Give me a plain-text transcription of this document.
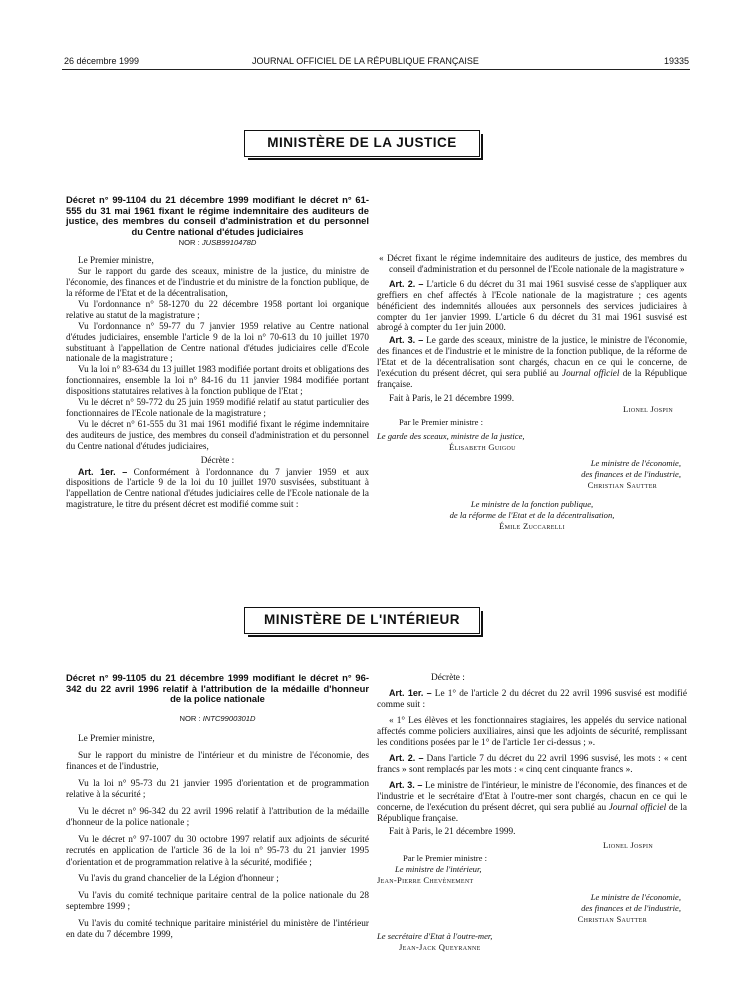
26 décembre 1999	JOURNAL OFFICIEL DE LA RÉPUBLIQUE FRANÇAISE	19335
MINISTÈRE DE LA JUSTICE
Décret n° 99-1104 du 21 décembre 1999 modifiant le décret n° 61-555 du 31 mai 1961 fixant le régime indemnitaire des auditeurs de justice, des membres du conseil d'administration et du personnel du Centre national d'études judiciaires
NOR : JUSB9910478D

Le Premier ministre,

Sur le rapport du garde des sceaux, ministre de la justice, du ministre de l'économie, des finances et de l'industrie et du ministre de la fonction publique, de la réforme de l'Etat et de la décentralisation,

Vu l'ordonnance n° 58-1270 du 22 décembre 1958 portant loi organique relative au statut de la magistrature ;

Vu l'ordonnance n° 59-77 du 7 janvier 1959 relative au Centre national d'études judiciaires, ensemble l'article 9 de la loi n° 70-613 du 10 juillet 1970 substituant à l'appellation de Centre national d'études judiciaires celle d'Ecole nationale de la magistrature ;

Vu la loi n° 83-634 du 13 juillet 1983 modifiée portant droits et obligations des fonctionnaires, ensemble la loi n° 84-16 du 11 janvier 1984 modifiée portant dispositions statutaires relatives à la fonction publique de l'Etat ;

Vu le décret n° 59-772 du 25 juin 1959 modifié relatif au statut particulier des fonctionnaires de l'Ecole nationale de la magistrature ;

Vu le décret n° 61-555 du 31 mai 1961 modifié fixant le régime indemnitaire des auditeurs de justice, des membres du conseil d'administration et du personnel du Centre national d'études judiciaires,

Décrète :

Art. 1er. – Conformément à l'ordonnance du 7 janvier 1959 et aux dispositions de l'article 9 de la loi du 10 juillet 1970 susvisées, substituant à l'appellation de Centre national d'études judiciaires celle de l'Ecole nationale de la magistrature, le titre du présent décret est modifié comme suit :

« Décret fixant le régime indemnitaire des auditeurs de justice, des membres du conseil d'administration et du personnel de l'Ecole nationale de la magistrature »

Art. 2. – L'article 6 du décret du 31 mai 1961 susvisé cesse de s'appliquer aux greffiers en chef affectés à l'Ecole nationale de la magistrature ; ces agents bénéficient des indemnités allouées aux personnels des services judiciaires à compter du 1er janvier 1999. L'article 6 du décret du 31 mai 1961 susvisé est abrogé à compter du 1er juin 2000.

Art. 3. – Le garde des sceaux, ministre de la justice, le ministre de l'économie, des finances et de l'industrie et le ministre de la fonction publique, de la réforme de l'Etat et de la décentralisation sont chargés, chacun en ce qui le concerne, de l'exécution du présent décret, qui sera publié au Journal officiel de la République française.

Fait à Paris, le 21 décembre 1999.

Lionel Jospin

Par le Premier ministre :

Le garde des sceaux, ministre de la justice,

Élisabeth Guigou

Le ministre de l'économie,

des finances et de l'industrie,

Christian Sautter

Le ministre de la fonction publique,

de la réforme de l'Etat et de la décentralisation,

Émile Zuccarelli

MINISTÈRE DE L'INTÉRIEUR
Décret n° 99-1105 du 21 décembre 1999 modifiant le décret n° 96-342 du 22 avril 1996 relatif à l'attribution de la médaille d'honneur de la police nationale
NOR : INTC9900301D

Le Premier ministre,

Sur le rapport du ministre de l'intérieur et du ministre de l'économie, des finances et de l'industrie,

Vu la loi n° 95-73 du 21 janvier 1995 d'orientation et de programmation relative à la sécurité ;

Vu le décret n° 96-342 du 22 avril 1996 relatif à l'attribution de la médaille d'honneur de la police nationale ;

Vu le décret n° 97-1007 du 30 octobre 1997 relatif aux adjoints de sécurité recrutés en application de l'article 36 de la loi n° 95-73 du 21 janvier 1995 d'orientation et de programmation relative à la sécurité, modifiée ;

Vu l'avis du grand chancelier de la Légion d'honneur ;

Vu l'avis du comité technique paritaire central de la police nationale du 28 septembre 1999 ;

Vu l'avis du comité technique paritaire ministériel du ministère de l'intérieur en date du 7 décembre 1999,

Décrète :

Art. 1er. – Le 1° de l'article 2 du décret du 22 avril 1996 susvisé est modifié comme suit :

« 1° Les élèves et les fonctionnaires stagiaires, les appelés du service national affectés comme policiers auxiliaires, ainsi que les adjoints de sécurité, remplissant les conditions posées par le 1° de l'article 1er ci-dessus ; ».

Art. 2. – Dans l'article 7 du décret du 22 avril 1996 susvisé, les mots : « cent francs » sont remplacés par les mots : « cinq cent cinquante francs ».

Art. 3. – Le ministre de l'intérieur, le ministre de l'économie, des finances et de l'industrie et le secrétaire d'Etat à l'outre-mer sont chargés, chacun en ce qui le concerne, de l'exécution du présent décret, qui sera publié au Journal officiel de la République française.

Fait à Paris, le 21 décembre 1999.

Lionel Jospin

Par le Premier ministre :

Le ministre de l'intérieur,

Jean-Pierre Chevènement

Le ministre de l'économie,

des finances et de l'industrie,

Christian Sautter

Le secrétaire d'Etat à l'outre-mer,

Jean-Jack Queyranne
